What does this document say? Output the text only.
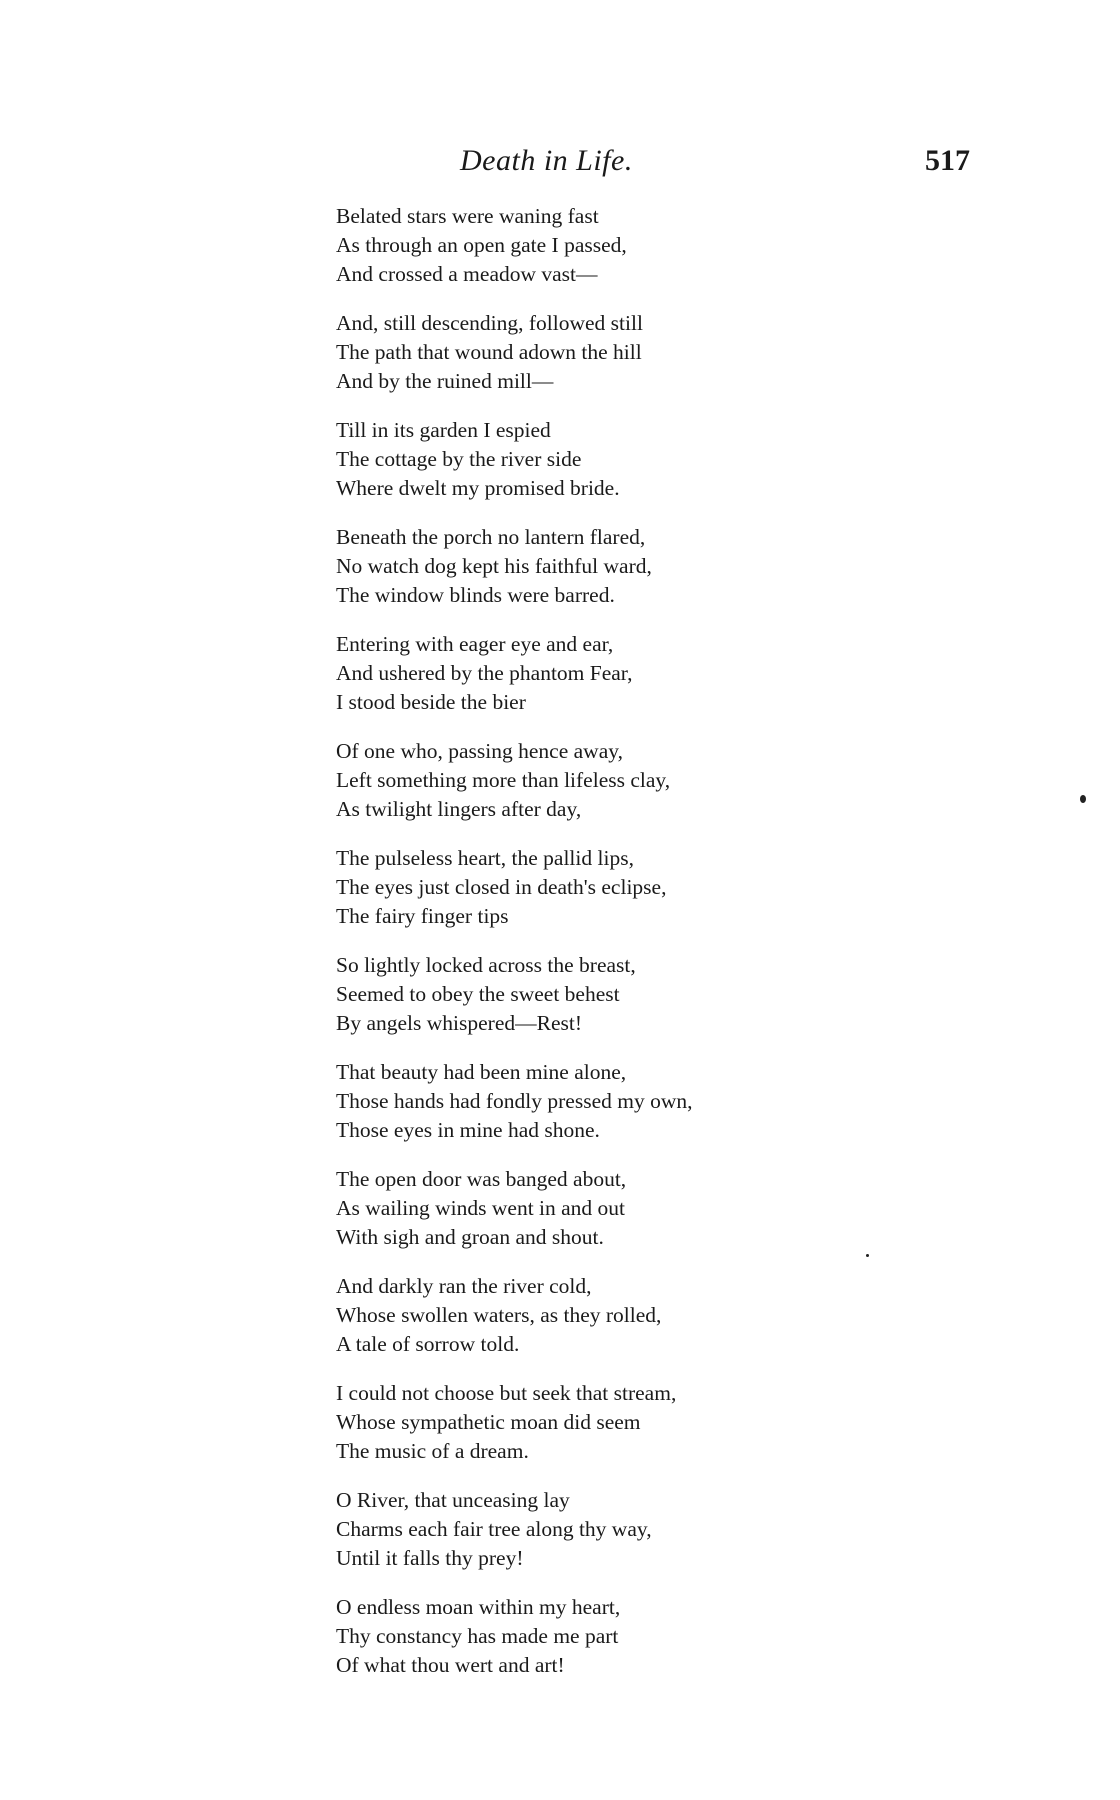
Death in Life.	517
Belated stars were waning fast
As through an open gate I passed,
And crossed a meadow vast—
And, still descending, followed still
The path that wound adown the hill
And by the ruined mill—
Till in its garden I espied
The cottage by the river side
Where dwelt my promised bride.
Beneath the porch no lantern flared,
No watch dog kept his faithful ward,
The window blinds were barred.
Entering with eager eye and ear,
And ushered by the phantom Fear,
I stood beside the bier
Of one who, passing hence away,
Left something more than lifeless clay,
As twilight lingers after day,
The pulseless heart, the pallid lips,
The eyes just closed in death's eclipse,
The fairy finger tips
So lightly locked across the breast,
Seemed to obey the sweet behest
By angels whispered—Rest!
That beauty had been mine alone,
Those hands had fondly pressed my own,
Those eyes in mine had shone.
The open door was banged about,
As wailing winds went in and out
With sigh and groan and shout.
And darkly ran the river cold,
Whose swollen waters, as they rolled,
A tale of sorrow told.
I could not choose but seek that stream,
Whose sympathetic moan did seem
The music of a dream.
O River, that unceasing lay
Charms each fair tree along thy way,
Until it falls thy prey!
O endless moan within my heart,
Thy constancy has made me part
Of what thou wert and art!
